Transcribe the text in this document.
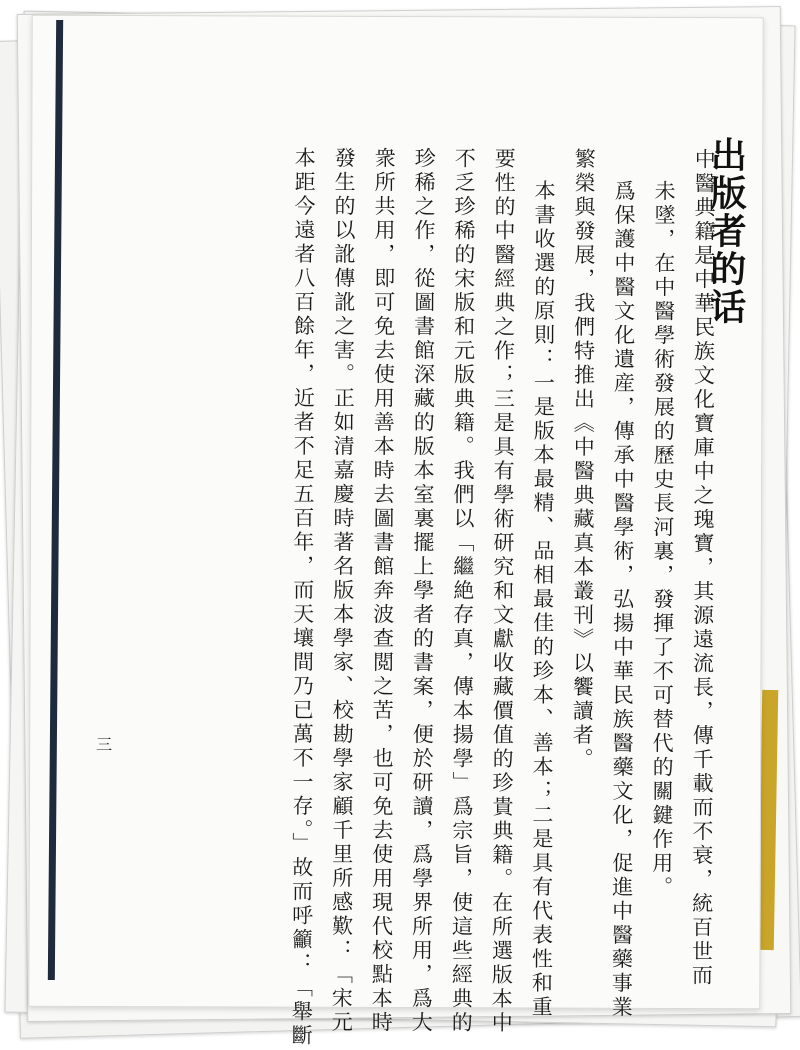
出版者的话
中醫典籍是中華民族文化寶庫中之瑰寶，其源遠流長，傳千載而不衰，統百世而
未墜，在中醫學術發展的歷史長河裏，發揮了不可替代的關鍵作用。
爲保護中醫文化遺産，傳承中醫學術，弘揚中華民族醫藥文化，促進中醫藥事業
繁榮與發展，我們特推出《中醫典藏真本叢刊》以饗讀者。
本書收選的原則：一是版本最精、品相最佳的珍本、善本；二是具有代表性和重
要性的中醫經典之作；三是具有學術研究和文獻收藏價值的珍貴典籍。在所選版本中
不乏珍稀的宋版和元版典籍。我們以「繼絶存真，傳本揚學」爲宗旨，使這些經典的
珍稀之作，從圖書館深藏的版本室裏擺上學者的書案，便於研讀，爲學界所用，爲大
衆所共用，即可免去使用善本時去圖書館奔波查閲之苦，也可免去使用現代校點本時
發生的以訛傳訛之害。正如清嘉慶時著名版本學家、校勘學家顧千里所感歎：「宋元
本距今遠者八百餘年，近者不足五百年，而天壤間乃已萬不一存。」故而呼籲：「舉斷
三
